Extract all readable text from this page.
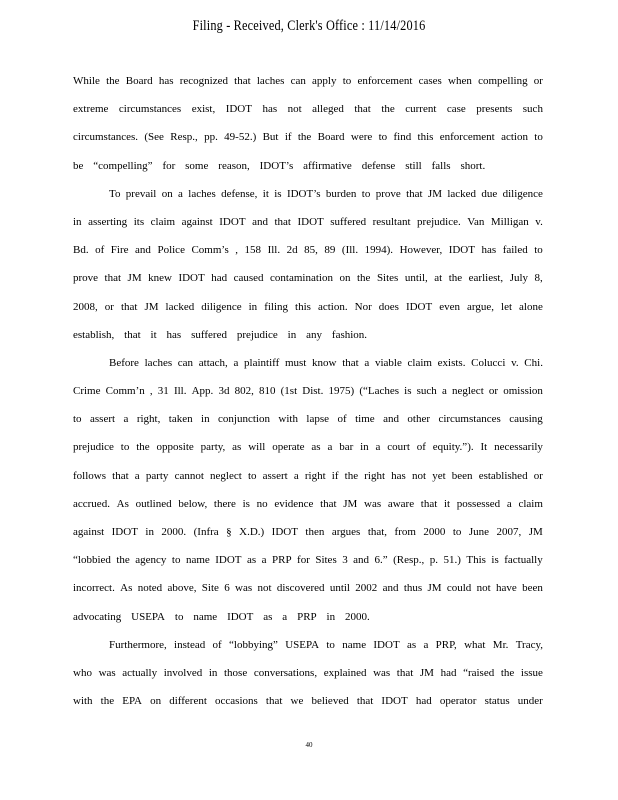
Filing - Received, Clerk's Office : 11/14/2016
While the Board has recognized that laches can apply to enforcement cases when compelling or
extreme circumstances exist, IDOT has not alleged that the current case presents such
circumstances. (See Resp., pp. 49-52.) But if the Board were to find this enforcement action to
be “compelling” for some reason, IDOT’s affirmative defense still falls short.
To prevail on a laches defense, it is IDOT’s burden to prove that JM lacked due diligence
in asserting its claim against IDOT and that IDOT suffered resultant prejudice. Van Milligan v.
Bd. of Fire and Police Comm’s , 158 Ill. 2d 85, 89 (Ill. 1994). However, IDOT has failed to
prove that JM knew IDOT had caused contamination on the Sites until, at the earliest, July 8,
2008, or that JM lacked diligence in filing this action. Nor does IDOT even argue, let alone
establish, that it has suffered prejudice in any fashion.
Before laches can attach, a plaintiff must know that a viable claim exists. Colucci v. Chi.
Crime Comm’n , 31 Ill. App. 3d 802, 810 (1st Dist. 1975) (“Laches is such a neglect or omission
to assert a right, taken in conjunction with lapse of time and other circumstances causing
prejudice to the opposite party, as will operate as a bar in a court of equity.”). It necessarily
follows that a party cannot neglect to assert a right if the right has not yet been established or
accrued. As outlined below, there is no evidence that JM was aware that it possessed a claim
against IDOT in 2000. (Infra § X.D.) IDOT then argues that, from 2000 to June 2007, JM
“lobbied the agency to name IDOT as a PRP for Sites 3 and 6.” (Resp., p. 51.) This is factually
incorrect. As noted above, Site 6 was not discovered until 2002 and thus JM could not have been
advocating USEPA to name IDOT as a PRP in 2000.
Furthermore, instead of “lobbying” USEPA to name IDOT as a PRP, what Mr. Tracy,
who was actually involved in those conversations, explained was that JM had “raised the issue
with the EPA on different occasions that we believed that IDOT had operator status under
40
